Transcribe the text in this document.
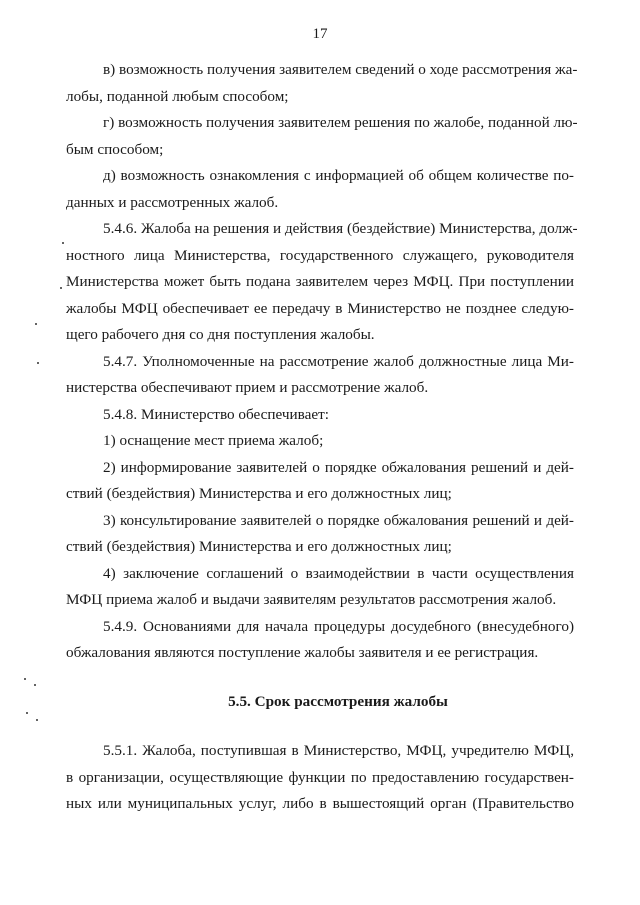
17
в) возможность получения заявителем сведений о ходе рассмотрения жа-
лобы, поданной любым способом;
г) возможность получения заявителем решения по жалобе, поданной лю-
бым способом;
д) возможность ознакомления с информацией об общем количестве по-
данных и рассмотренных жалоб.
5.4.6. Жалоба на решения и действия (бездействие) Министерства, долж-
ностного лица Министерства, государственного служащего, руководителя
Министерства может быть подана заявителем через МФЦ. При поступлении
жалобы МФЦ обеспечивает ее передачу в Министерство не позднее следую-
щего рабочего дня со дня поступления жалобы.
5.4.7. Уполномоченные на рассмотрение жалоб должностные лица Ми-
нистерства обеспечивают прием и рассмотрение жалоб.
5.4.8. Министерство обеспечивает:
1) оснащение мест приема жалоб;
2) информирование заявителей о порядке обжалования решений и дей-
ствий (бездействия) Министерства и его должностных лиц;
3) консультирование заявителей о порядке обжалования решений и дей-
ствий (бездействия) Министерства и его должностных лиц;
4) заключение соглашений о взаимодействии в части осуществления
МФЦ приема жалоб и выдачи заявителям результатов рассмотрения жалоб.
5.4.9. Основаниями для начала процедуры досудебного (внесудебного)
обжалования являются поступление жалобы заявителя и ее регистрация.
5.5. Срок рассмотрения жалобы
5.5.1. Жалоба, поступившая в Министерство, МФЦ, учредителю МФЦ,
в организации, осуществляющие функции по предоставлению государствен-
ных или муниципальных услуг, либо в вышестоящий орган (Правительство
